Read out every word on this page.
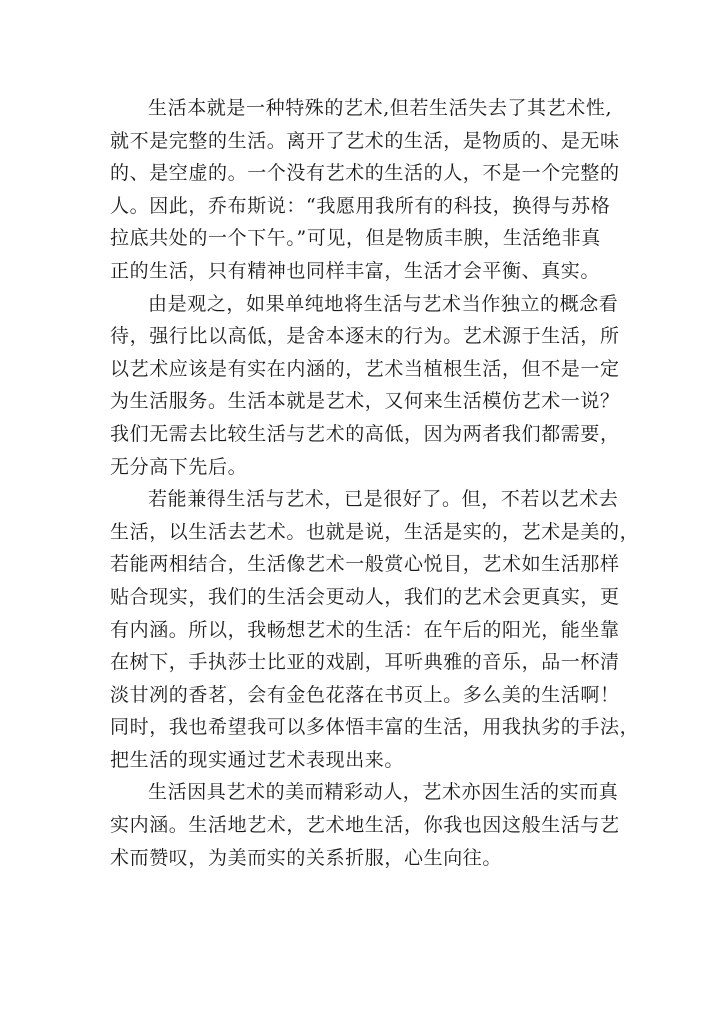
生活本就是一种特殊的艺术,但若生活失去了其艺术性,
就不是完整的生活。离开了艺术的生活，是物质的、是无味
的、是空虚的。一个没有艺术的生活的人，不是一个完整的
人。因此，乔布斯说：“我愿用我所有的科技，换得与苏格
拉底共处的一个下午。”可见，但是物质丰腴，生活绝非真
正的生活，只有精神也同样丰富，生活才会平衡、真实。
由是观之，如果单纯地将生活与艺术当作独立的概念看
待，强行比以高低，是舍本逐末的行为。艺术源于生活，所
以艺术应该是有实在内涵的，艺术当植根生活，但不是一定
为生活服务。生活本就是艺术，又何来生活模仿艺术一说？
我们无需去比较生活与艺术的高低，因为两者我们都需要，
无分高下先后。
若能兼得生活与艺术，已是很好了。但，不若以艺术去
生活，以生活去艺术。也就是说，生活是实的，艺术是美的，
若能两相结合，生活像艺术一般赏心悦目，艺术如生活那样
贴合现实，我们的生活会更动人，我们的艺术会更真实，更
有内涵。所以，我畅想艺术的生活：在午后的阳光，能坐靠
在树下，手执莎士比亚的戏剧，耳听典雅的音乐，品一杯清
淡甘冽的香茗，会有金色花落在书页上。多么美的生活啊！
同时，我也希望我可以多体悟丰富的生活，用我执劣的手法，
把生活的现实通过艺术表现出来。
生活因具艺术的美而精彩动人，艺术亦因生活的实而真
实内涵。生活地艺术，艺术地生活，你我也因这般生活与艺
术而赞叹，为美而实的关系折服，心生向往。
